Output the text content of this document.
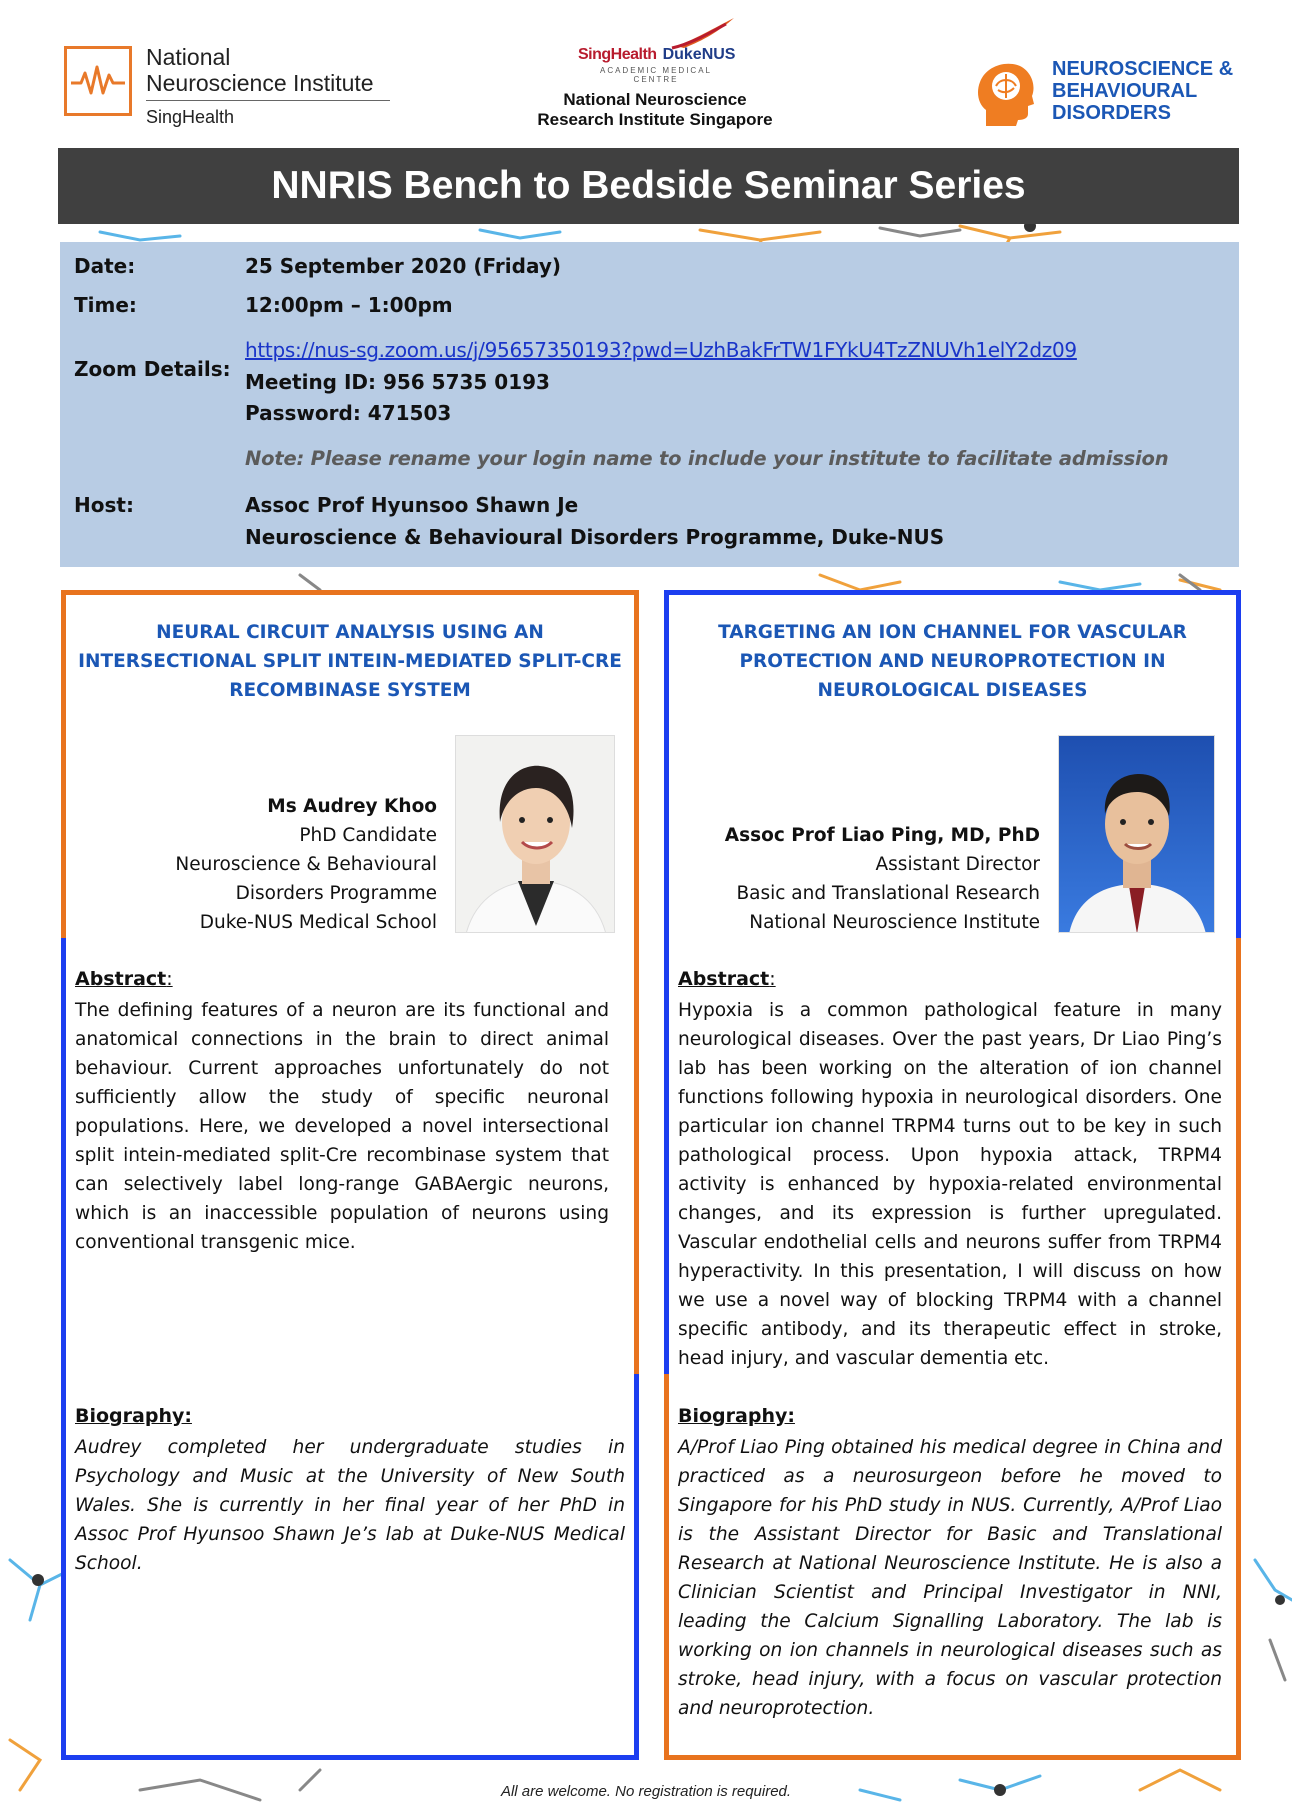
National
Neuroscience Institute
SingHealth
SingHealth DukeNUS
ACADEMIC MEDICAL CENTRE
National Neuroscience
Research Institute Singapore
NEUROSCIENCE &
BEHAVIOURAL
DISORDERS
NNRIS Bench to Bedside Seminar Series
Date:	25 September 2020 (Friday)
Time:	12:00pm – 1:00pm
Zoom Details:
https://nus-sg.zoom.us/j/95657350193?pwd=UzhBakFrTW1FYkU4TzZNUVh1elY2dz09
Meeting ID: 956 5735 0193
Password: 471503
Note: Please rename your login name to include your institute to facilitate admission
Host:	Assoc Prof Hyunsoo Shawn Je
Neuroscience & Behavioural Disorders Programme, Duke-NUS
NEURAL CIRCUIT ANALYSIS USING AN
INTERSECTIONAL SPLIT INTEIN-MEDIATED SPLIT-CRE
RECOMBINASE SYSTEM
Ms Audrey Khoo
PhD Candidate
Neuroscience & Behavioural
Disorders Programme
Duke-NUS Medical School
Abstract:
The defining features of a neuron are its functional and anatomical connections in the brain to direct animal behaviour. Current approaches unfortunately do not sufficiently allow the study of specific neuronal populations. Here, we developed a novel intersectional split intein-mediated split-Cre recombinase system that can selectively label long-range GABAergic neurons, which is an inaccessible population of neurons using conventional transgenic mice.
Biography:
Audrey completed her undergraduate studies in Psychology and Music at the University of New South Wales. She is currently in her final year of her PhD in Assoc Prof Hyunsoo Shawn Je’s lab at Duke-NUS Medical School.
TARGETING AN ION CHANNEL FOR VASCULAR
PROTECTION AND NEUROPROTECTION IN
NEUROLOGICAL DISEASES
Assoc Prof Liao Ping, MD, PhD
Assistant Director
Basic and Translational Research
National Neuroscience Institute
Abstract:
Hypoxia is a common pathological feature in many neurological diseases. Over the past years, Dr Liao Ping’s lab has been working on the alteration of ion channel functions following hypoxia in neurological disorders. One particular ion channel TRPM4 turns out to be key in such pathological process. Upon hypoxia attack, TRPM4 activity is enhanced by hypoxia-related environmental changes, and its expression is further upregulated. Vascular endothelial cells and neurons suffer from TRPM4 hyperactivity. In this presentation, I will discuss on how we use a novel way of blocking TRPM4 with a channel specific antibody, and its therapeutic effect in stroke, head injury, and vascular dementia etc.
Biography:
A/Prof Liao Ping obtained his medical degree in China and practiced as a neurosurgeon before he moved to Singapore for his PhD study in NUS. Currently, A/Prof Liao is the Assistant Director for Basic and Translational Research at National Neuroscience Institute. He is also a Clinician Scientist and Principal Investigator in NNI, leading the Calcium Signalling Laboratory. The lab is working on ion channels in neurological diseases such as stroke, head injury, with a focus on vascular protection and neuroprotection.
All are welcome. No registration is required.
